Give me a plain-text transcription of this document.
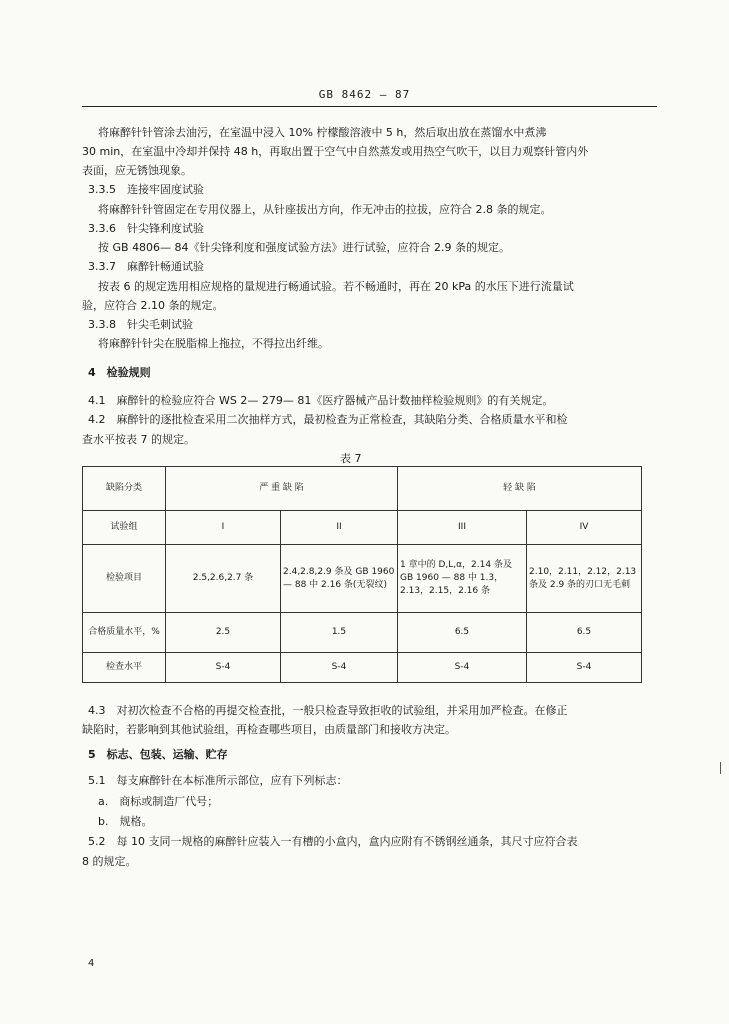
GB 8462 — 87
将麻醉针针管涂去油污，在室温中浸入 10% 柠檬酸溶液中 5 h，然后取出放在蒸馏水中煮沸
30 min，在室温中冷却并保持 48 h，再取出置于空气中自然蒸发或用热空气吹干，以目力观察针管内外
表面，应无锈蚀现象。
3.3.5　连接牢固度试验
将麻醉针针管固定在专用仪器上，从针座拔出方向，作无冲击的拉拔，应符合 2.8 条的规定。
3.3.6　针尖锋利度试验
按 GB 4806— 84《针尖锋利度和强度试验方法》进行试验，应符合 2.9 条的规定。
3.3.7　麻醉针畅通试验
按表 6 的规定选用相应规格的量规进行畅通试验。若不畅通时，再在 20 kPa 的水压下进行流量试
验，应符合 2.10 条的规定。
3.3.8　针尖毛刺试验
将麻醉针针尖在脱脂棉上拖拉，不得拉出纤维。
4　检验规则
4.1　麻醉针的检验应符合 WS 2— 279— 81《医疗器械产品计数抽样检验规则》的有关规定。
4.2　麻醉针的逐批检查采用二次抽样方式，最初检查为正常检查，其缺陷分类、合格质量水平和检
查水平按表 7 的规定。
表 7
缺陷分类	严 重 缺 陷		轻 缺 陷	
试验组	I	II	III	IV
检验项目	2.5,2.6,2.7 条	2.4,2.8,2.9 条及 GB 1960— 88 中 2.16 条(无裂纹)	1 章中的 D,L,α，2.14 条及 GB 1960 — 88 中 1.3，2.13，2.15，2.16 条	2.10，2.11，2.12，2.13 条及 2.9 条的刃口无毛刺
合格质量水平，%	2.5	1.5	6.5	6.5
检查水平	S-4	S-4	S-4	S-4
4.3　对初次检查不合格的再提交检查批，一般只检查导致拒收的试验组，并采用加严检查。在修正
缺陷时，若影响到其他试验组，再检查哪些项目，由质量部门和接收方决定。
5　标志、包装、运输、贮存
5.1　每支麻醉针在本标准所示部位，应有下列标志：
a.　商标或制造厂代号；
b.　规格。
5.2　每 10 支同一规格的麻醉针应装入一有槽的小盒内，盒内应附有不锈钢丝通条，其尺寸应符合表
8 的规定。
4
